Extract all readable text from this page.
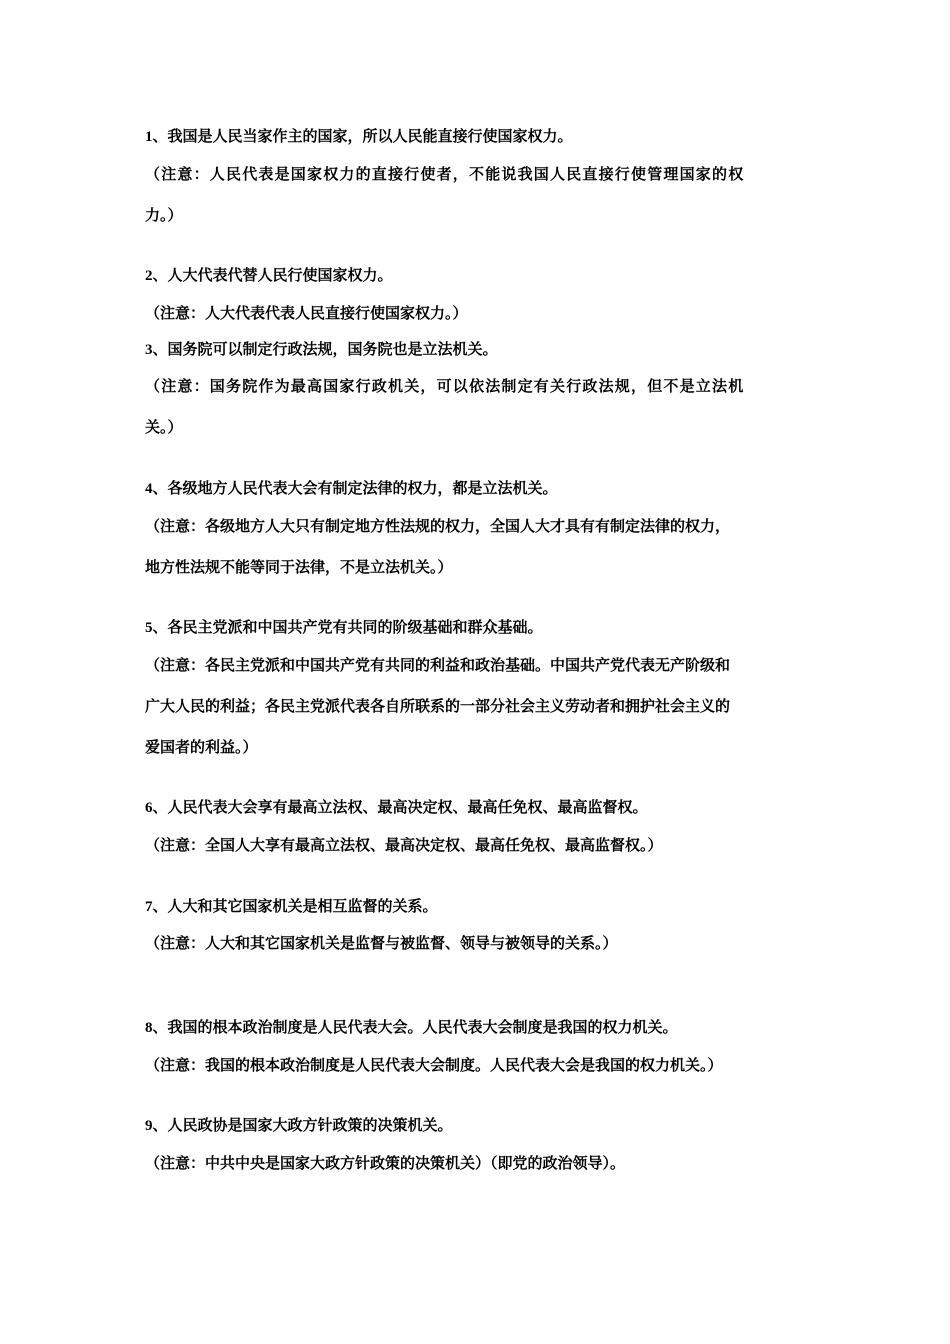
1、我国是人民当家作主的国家，所以人民能直接行使国家权力。
（注意：人民代表是国家权力的直接行使者，不能说我国人民直接行使管理国家的权
力。）
2、人大代表代替人民行使国家权力。
（注意：人大代表代表人民直接行使国家权力。）
3、国务院可以制定行政法规，国务院也是立法机关。
（注意：国务院作为最高国家行政机关，可以依法制定有关行政法规，但不是立法机
关。）
4、各级地方人民代表大会有制定法律的权力，都是立法机关。
（注意：各级地方人大只有制定地方性法规的权力，全国人大才具有有制定法律的权力，
地方性法规不能等同于法律，不是立法机关。）
5、各民主党派和中国共产党有共同的阶级基础和群众基础。
（注意：各民主党派和中国共产党有共同的利益和政治基础。中国共产党代表无产阶级和
广大人民的利益；各民主党派代表各自所联系的一部分社会主义劳动者和拥护社会主义的
爱国者的利益。）
6、人民代表大会享有最高立法权、最高决定权、最高任免权、最高监督权。
（注意：全国人大享有最高立法权、最高决定权、最高任免权、最高监督权。）
7、人大和其它国家机关是相互监督的关系。
（注意：人大和其它国家机关是监督与被监督、领导与被领导的关系。）
8、我国的根本政治制度是人民代表大会。人民代表大会制度是我国的权力机关。
（注意：我国的根本政治制度是人民代表大会制度。人民代表大会是我国的权力机关。）
9、人民政协是国家大政方针政策的决策机关。
（注意：中共中央是国家大政方针政策的决策机关）（即党的政治领导）。
